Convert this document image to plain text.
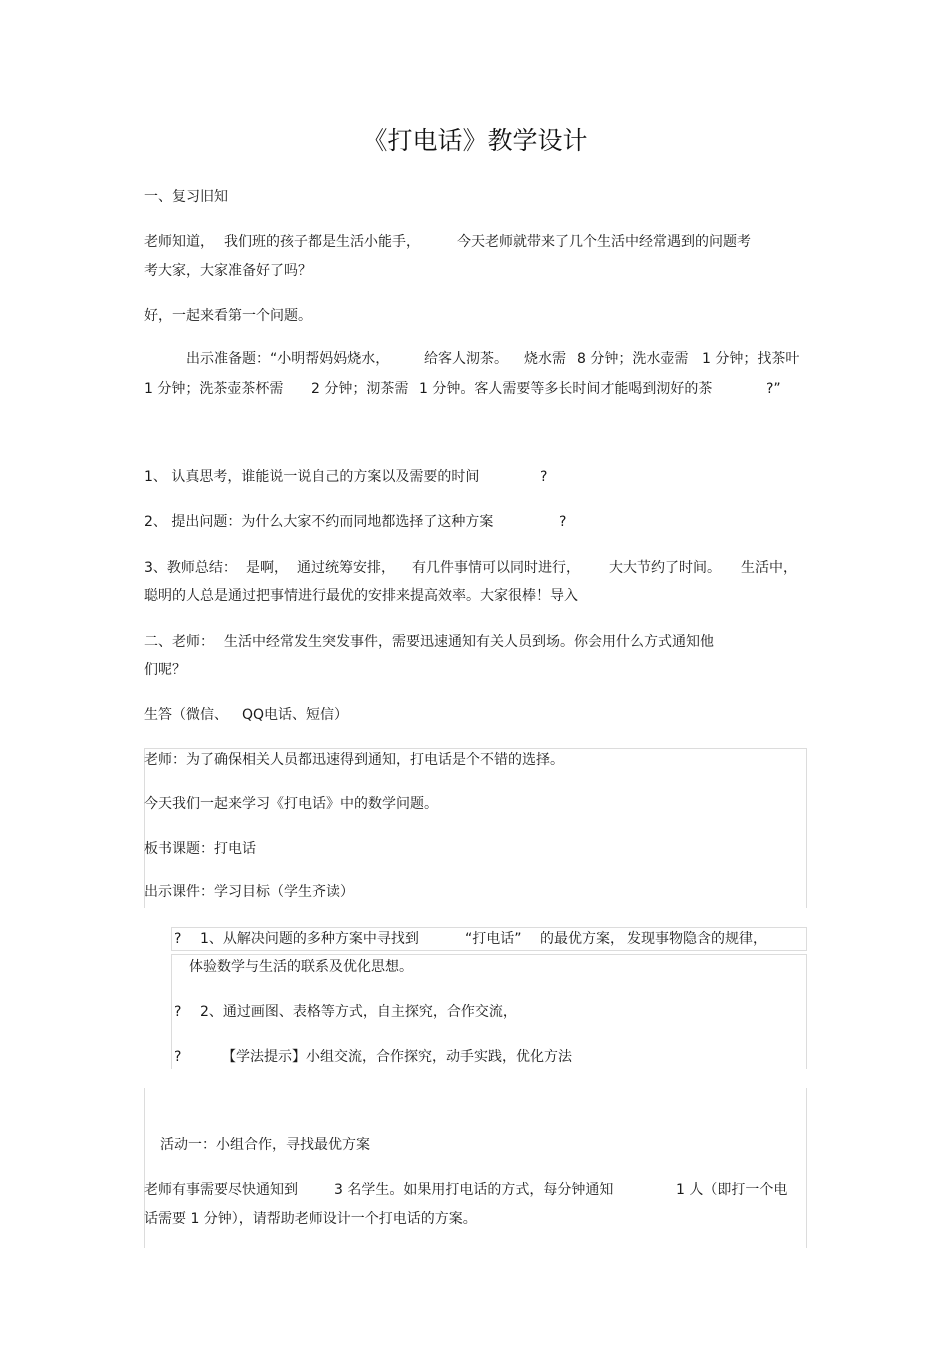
《打电话》教学设计
一、复习旧知
老师知道， 我们班的孩子都是生活小能手，	今天老师就带来了几个生活中经常遇到的问题考
考大家，大家准备好了吗？
好，一起来看第一个问题。
出示准备题：“小明帮妈妈烧水， 给客人沏茶。 烧水需 8 分钟；洗水壶需 1 分钟；找茶叶
1 分钟；洗茶壶茶杯需 2 分钟；沏茶需 1 分钟。客人需要等多长时间才能喝到沏好的茶	?”
1、 认真思考，谁能说一说自己的方案以及需要的时间	?
2、 提出问题：为什么大家不约而同地都选择了这种方案	?
3、教师总结： 是啊， 通过统筹安排， 有几件事情可以同时进行， 大大节约了时间。 生活中，
聪明的人总是通过把事情进行最优的安排来提高效率。大家很棒！导入
二、老师： 生活中经常发生突发事件，需要迅速通知有关人员到场。你会用什么方式通知他
们呢？
生答（微信、 QQ电话、短信）
老师：为了确保相关人员都迅速得到通知，打电话是个不错的选择。
今天我们一起来学习《打电话》中的数学问题。
板书课题：打电话
出示课件：学习目标（学生齐读）
? 1、从解决问题的多种方案中寻找到	“打电话” 的最优方案， 发现事物隐含的规律，
体验数学与生活的联系及优化思想。
? 2、通过画图、表格等方式，自主探究，合作交流，
?	【学法提示】小组交流，合作探究，动手实践，优化方法
活动一：小组合作，寻找最优方案
老师有事需要尽快通知到	3 名学生。如果用打电话的方式，每分钟通知	1 人（即打一个电
话需要 1 分钟），请帮助老师设计一个打电话的方案。
